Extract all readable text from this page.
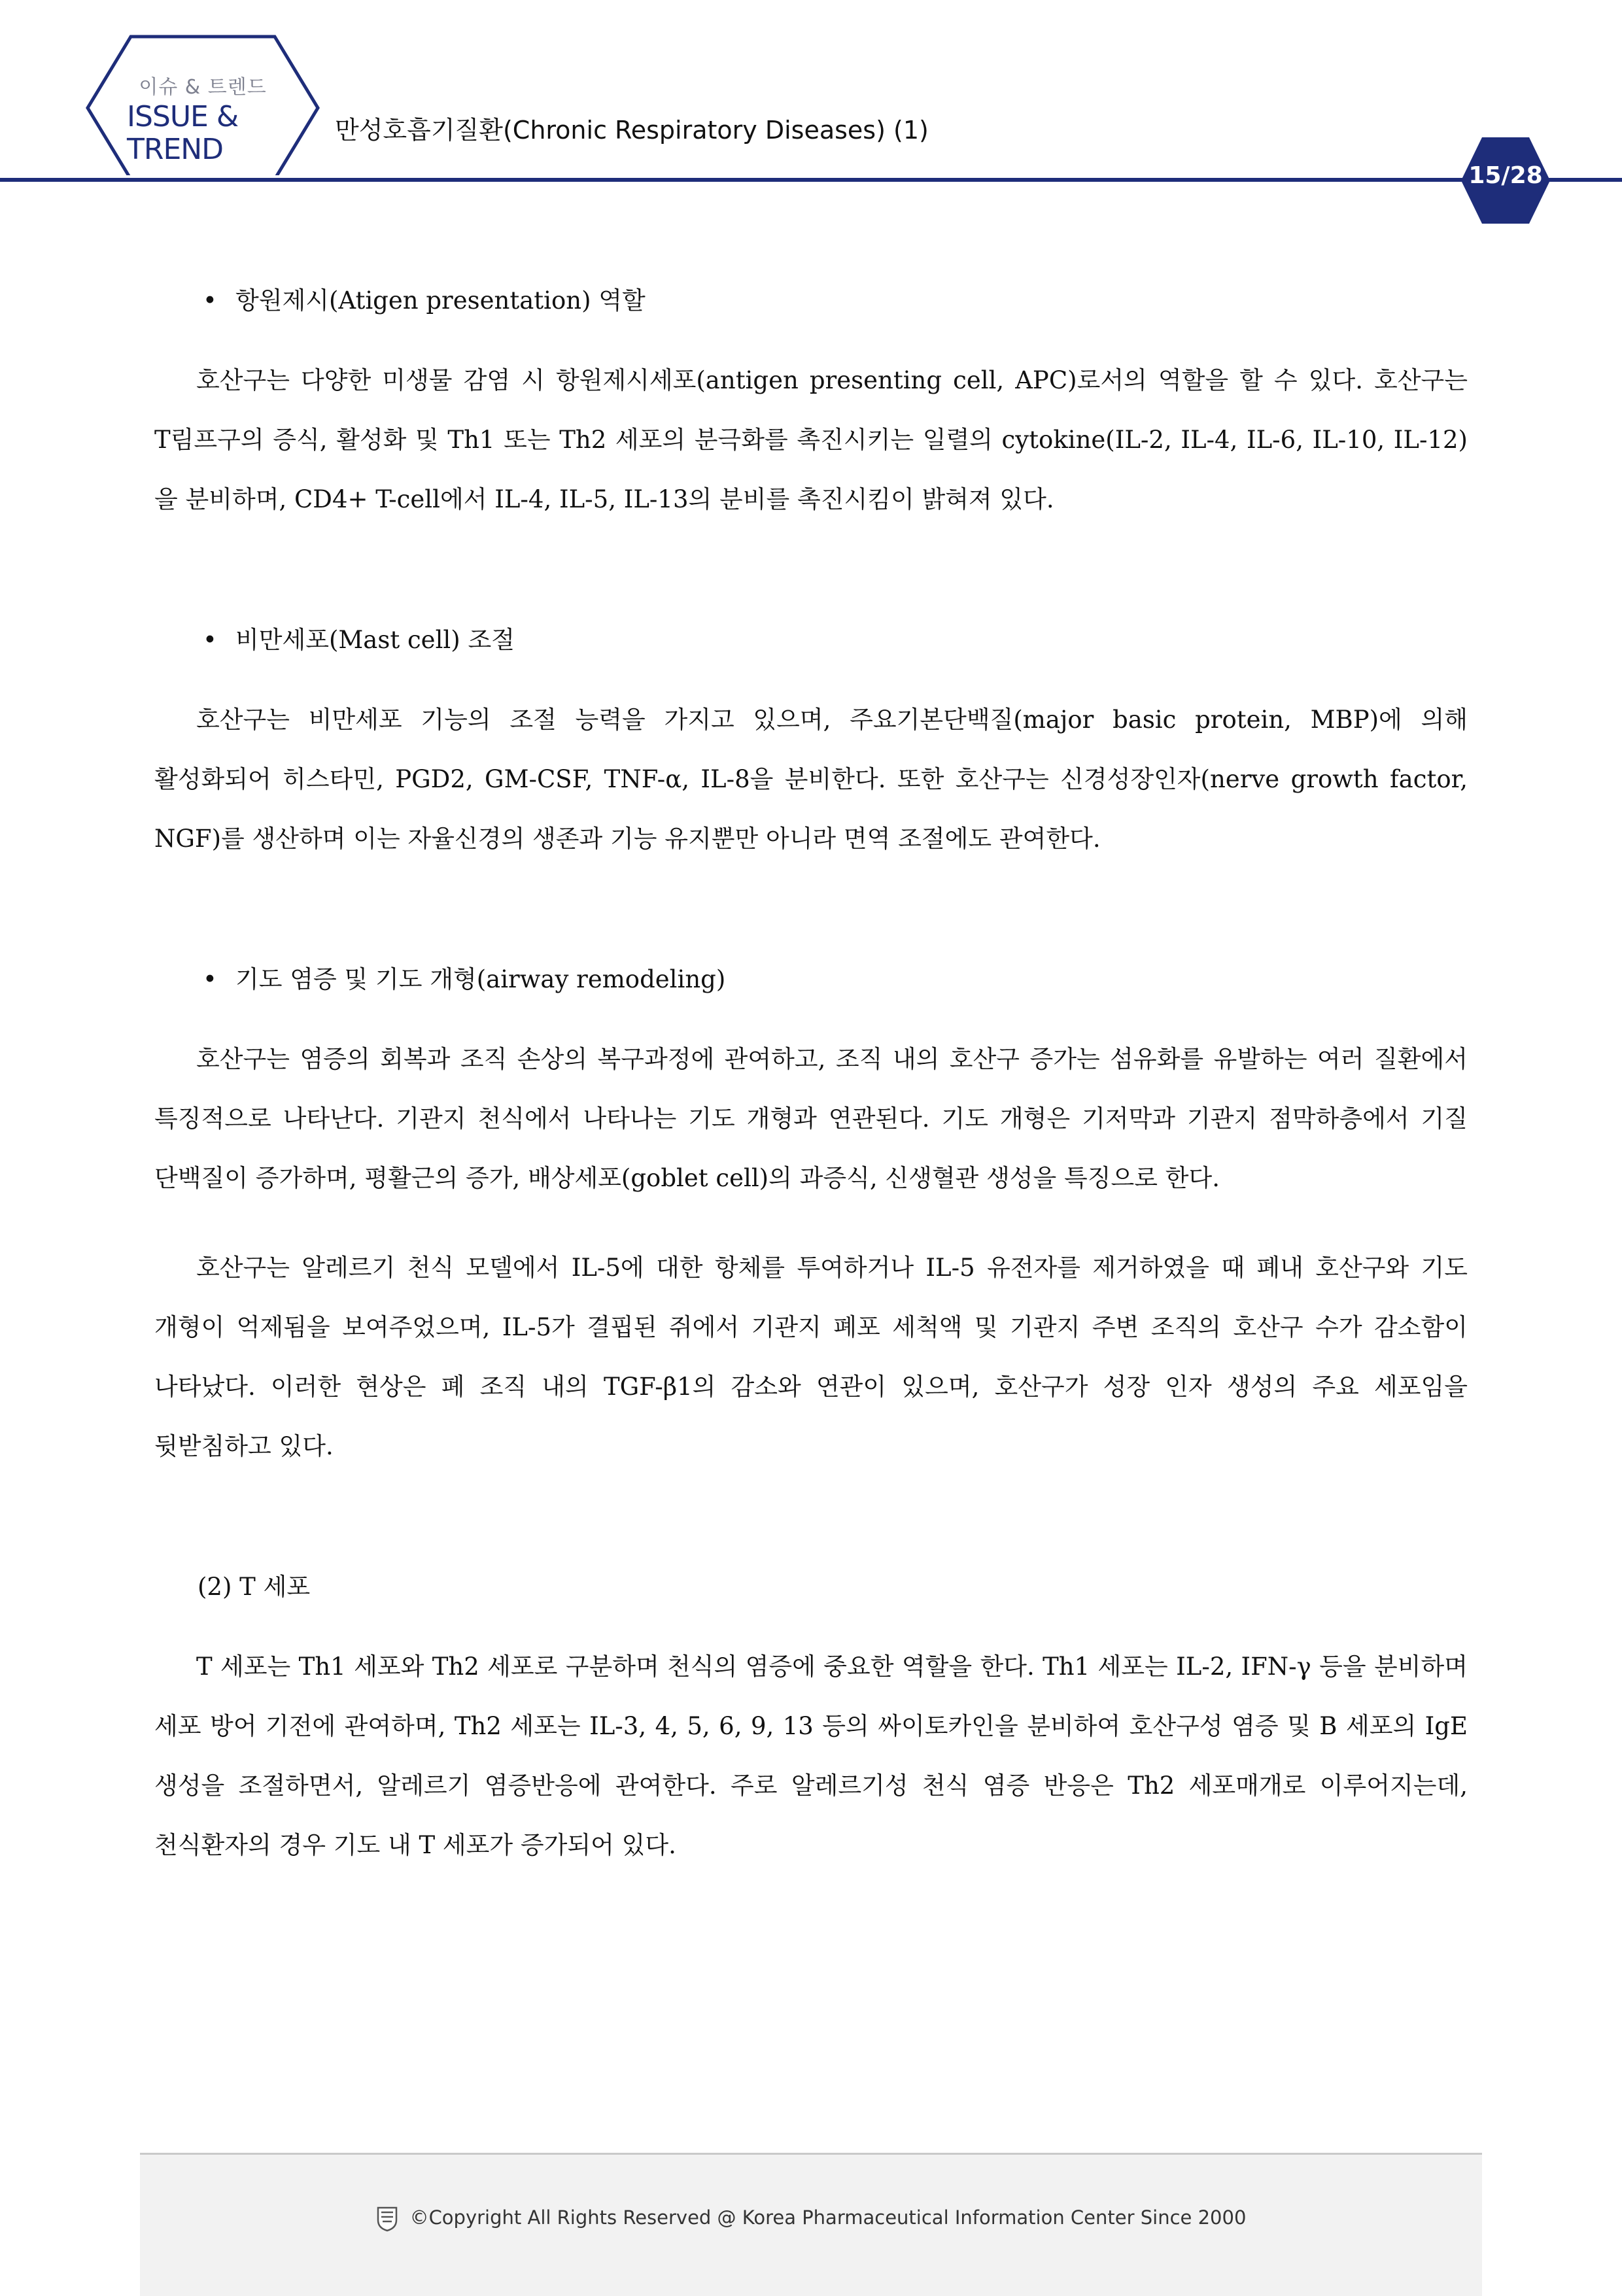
이슈 & 트렌드
ISSUE &
TREND
만성호흡기질환(Chronic Respiratory Diseases) (1)
15/28
• 항원제시(Atigen presentation) 역할

호산구는 다양한 미생물 감염 시 항원제시세포(antigen presenting cell, APC)로서의 역할을 할 수 있다. 호산구는 T림프구의 증식, 활성화 및 Th1 또는 Th2 세포의 분극화를 촉진시키는 일렬의 cytokine(IL-2, IL-4, IL-6, IL-10, IL-12)을 분비하며, CD4+ T-cell에서 IL-4, IL-5, IL-13의 분비를 촉진시킴이 밝혀져 있다.

• 비만세포(Mast cell) 조절

호산구는 비만세포 기능의 조절 능력을 가지고 있으며, 주요기본단백질(major basic protein, MBP)에 의해 활성화되어 히스타민, PGD2, GM-CSF, TNF-α, IL-8을 분비한다. 또한 호산구는 신경성장인자(nerve growth factor, NGF)를 생산하며 이는 자율신경의 생존과 기능 유지뿐만 아니라 면역 조절에도 관여한다.

• 기도 염증 및 기도 개형(airway remodeling)

호산구는 염증의 회복과 조직 손상의 복구과정에 관여하고, 조직 내의 호산구 증가는 섬유화를 유발하는 여러 질환에서 특징적으로 나타난다. 기관지 천식에서 나타나는 기도 개형과 연관된다. 기도 개형은 기저막과 기관지 점막하층에서 기질 단백질이 증가하며, 평활근의 증가, 배상세포(goblet cell)의 과증식, 신생혈관 생성을 특징으로 한다.

호산구는 알레르기 천식 모델에서 IL-5에 대한 항체를 투여하거나 IL-5 유전자를 제거하였을 때 폐내 호산구와 기도 개형이 억제됨을 보여주었으며, IL-5가 결핍된 쥐에서 기관지 폐포 세척액 및 기관지 주변 조직의 호산구 수가 감소함이 나타났다. 이러한 현상은 폐 조직 내의 TGF-β1의 감소와 연관이 있으며, 호산구가 성장 인자 생성의 주요 세포임을 뒷받침하고 있다.

(2) T 세포

T 세포는 Th1 세포와 Th2 세포로 구분하며 천식의 염증에 중요한 역할을 한다. Th1 세포는 IL-2, IFN-γ 등을 분비하며 세포 방어 기전에 관여하며, Th2 세포는 IL-3, 4, 5, 6, 9, 13 등의 싸이토카인을 분비하여 호산구성 염증 및 B 세포의 IgE 생성을 조절하면서, 알레르기 염증반응에 관여한다. 주로 알레르기성 천식 염증 반응은 Th2 세포매개로 이루어지는데, 천식환자의 경우 기도 내 T 세포가 증가되어 있다.

©Copyright All Rights Reserved @ Korea Pharmaceutical Information Center Since 2000
